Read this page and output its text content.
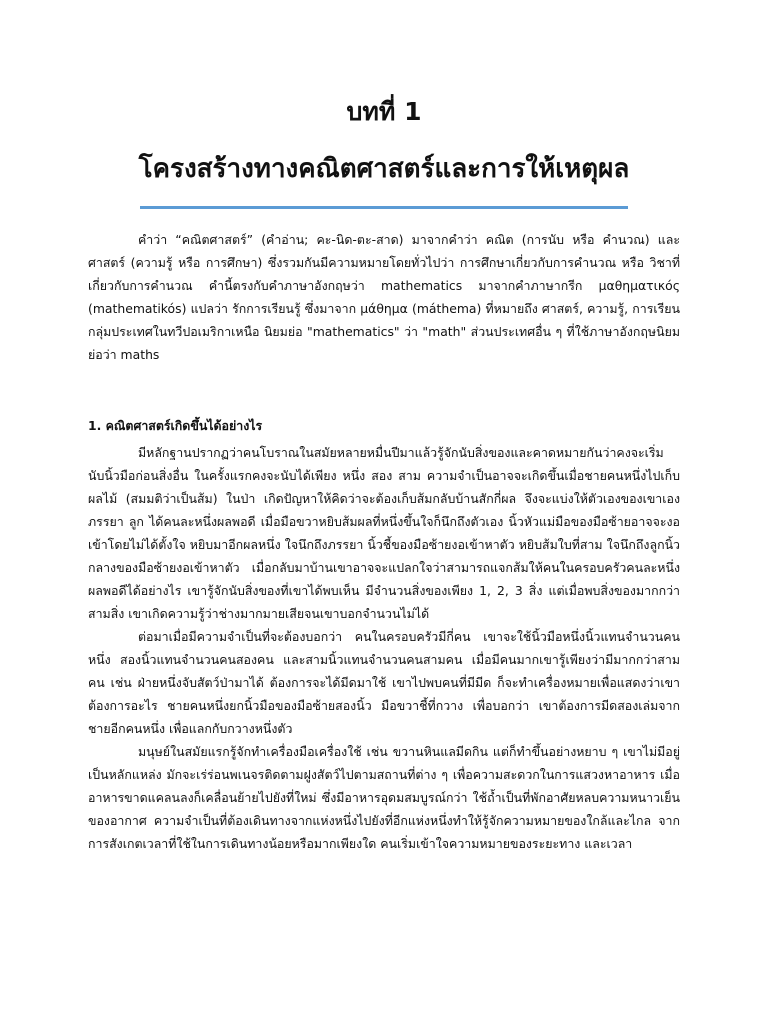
บทที่ 1
โครงสร้างทางคณิตศาสตร์และการให้เหตุผล

คำว่า “คณิตศาสตร์” (คำอ่าน; คะ-นิด-ตะ-สาด) มาจากคำว่า คณิต (การนับ หรือ คำนวณ) และ ศาสตร์ (ความรู้ หรือ การศึกษา) ซึ่งรวมกันมีความหมายโดยทั่วไปว่า การศึกษาเกี่ยวกับการคำนวณ หรือ วิชาที่เกี่ยวกับการคำนวณ คำนี้ตรงกับคำภาษาอังกฤษว่า mathematics มาจากคำภาษากรีก μαθηματικός (mathematikós) แปลว่า รักการเรียนรู้ ซึ่งมาจาก μάθημα (máthema) ที่หมายถึง ศาสตร์, ความรู้, การเรียน กลุ่มประเทศในทวีปอเมริกาเหนือ นิยมย่อ "mathematics" ว่า "math" ส่วนประเทศอื่น ๆ ที่ใช้ภาษาอังกฤษนิยมย่อว่า maths

1. คณิตศาสตร์เกิดขึ้นได้อย่างไร

มีหลักฐานปรากฏว่าคนโบราณในสมัยหลายหมื่นปีมาแล้วรู้จักนับสิ่งของและคาดหมายกันว่าคงจะเริ่มนับนิ้วมือก่อนสิ่งอื่น ในครั้งแรกคงจะนับได้เพียง หนึ่ง สอง สาม ความจำเป็นอาจจะเกิดขึ้นเมื่อชายคนหนึ่งไปเก็บผลไม้ (สมมติว่าเป็นส้ม) ในป่า เกิดปัญหาให้คิดว่าจะต้องเก็บส้มกลับบ้านสักกี่ผล จึงจะแบ่งให้ตัวเองของเขาเอง ภรรยา ลูก ได้คนละหนึ่งผลพอดี เมื่อมือขวาหยิบส้มผลที่หนึ่งขึ้นใจก็นึกถึงตัวเอง นิ้วหัวแม่มือของมือซ้ายอาจจะงอเข้าโดยไม่ได้ตั้งใจ หยิบมาอีกผลหนึ่ง ใจนึกถึงภรรยา นิ้วชี้ของมือซ้ายงอเข้าหาตัว หยิบส้มใบที่สาม ใจนึกถึงลูกนิ้วกลางของมือซ้ายงอเข้าหาตัว เมื่อกลับมาบ้านเขาอาจจะแปลกใจว่าสามารถแจกส้มให้คนในครอบครัวคนละหนึ่งผลพอดีได้อย่างไร เขารู้จักนับสิ่งของที่เขาได้พบเห็น มีจำนวนสิ่งของเพียง 1, 2, 3 สิ่ง แต่เมื่อพบสิ่งของมากกว่าสามสิ่ง เขาเกิดความรู้ว่าช่างมากมายเสียจนเขาบอกจำนวนไม่ได้

ต่อมาเมื่อมีความจำเป็นที่จะต้องบอกว่า คนในครอบครัวมีกี่คน เขาจะใช้นิ้วมือหนึ่งนิ้วแทนจำนวนคนหนึ่ง สองนิ้วแทนจำนวนคนสองคน และสามนิ้วแทนจำนวนคนสามคน เมื่อมีคนมากเขารู้เพียงว่ามีมากกว่าสามคน เช่น ฝ่ายหนึ่งจับสัตว์ป่ามาได้ ต้องการจะได้มีดมาใช้ เขาไปพบคนที่มีมีด ก็จะทำเครื่องหมายเพื่อแสดงว่าเขาต้องการอะไร ชายคนหนึ่งยกนิ้วมือของมือซ้ายสองนิ้ว มือขวาชี้ที่กวาง เพื่อบอกว่า เขาต้องการมีดสองเล่มจากชายอีกคนหนึ่ง เพื่อแลกกับกวางหนึ่งตัว

มนุษย์ในสมัยแรกรู้จักทำเครื่องมือเครื่องใช้ เช่น ขวานหินแลมีดกิน แต่ก็ทำขึ้นอย่างหยาบ ๆ เขาไม่มีอยู่เป็นหลักแหล่ง มักจะเร่ร่อนพเนจรติดตามฝูงสัตว์ไปตามสถานที่ต่าง ๆ เพื่อความสะดวกในการแสวงหาอาหาร เมื่ออาหารขาดแคลนลงก็เคลื่อนย้ายไปยังที่ใหม่ ซึ่งมีอาหารอุดมสมบูรณ์กว่า ใช้ถ้ำเป็นที่พักอาศัยหลบความหนาวเย็นของอากาศ ความจำเป็นที่ต้องเดินทางจากแห่งหนึ่งไปยังที่อีกแห่งหนึ่งทำให้รู้จักความหมายของใกล้และไกล จากการสังเกตเวลาที่ใช้ในการเดินทางน้อยหรือมากเพียงใด คนเริ่มเข้าใจความหมายของระยะทาง และเวลา
